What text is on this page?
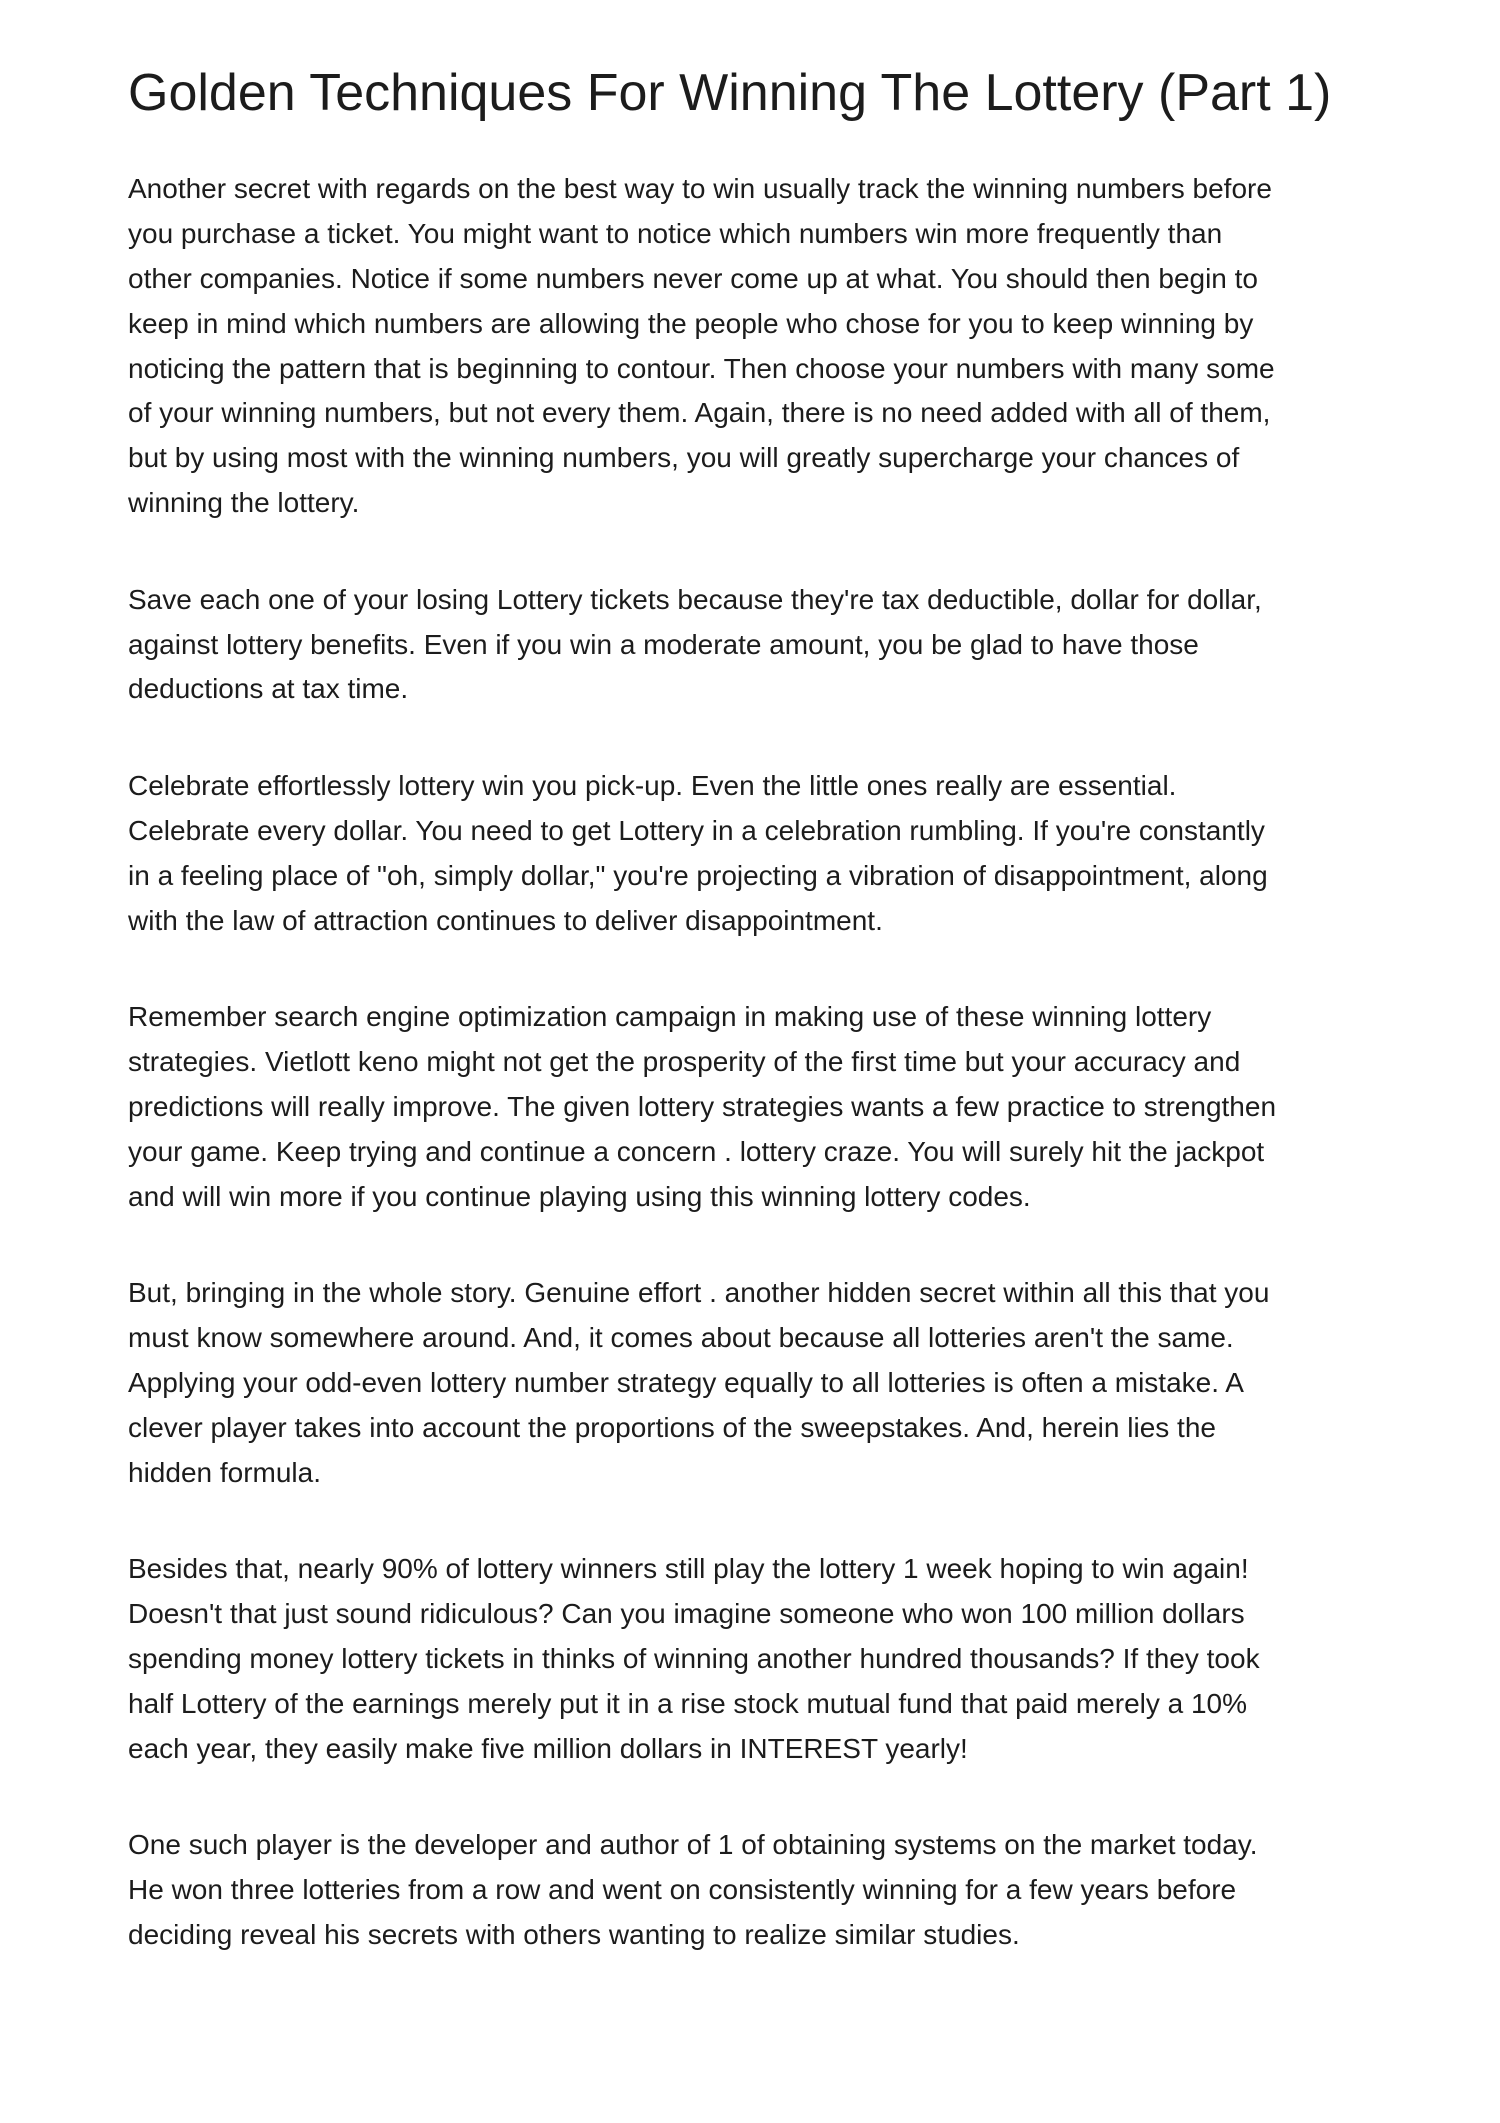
Golden Techniques For Winning The Lottery (Part 1)

Another secret with regards on the best way to win usually track the winning numbers before
you purchase a ticket. You might want to notice which numbers win more frequently than
other companies. Notice if some numbers never come up at what. You should then begin to
keep in mind which numbers are allowing the people who chose for you to keep winning by
noticing the pattern that is beginning to contour. Then choose your numbers with many some
of your winning numbers, but not every them. Again, there is no need added with all of them,
but by using most with the winning numbers, you will greatly supercharge your chances of
winning the lottery.

Save each one of your losing Lottery tickets because they're tax deductible, dollar for dollar,
against lottery benefits. Even if you win a moderate amount, you be glad to have those
deductions at tax time.

Celebrate effortlessly lottery win you pick-up. Even the little ones really are essential.
Celebrate every dollar. You need to get Lottery in a celebration rumbling. If you're constantly
in a feeling place of "oh, simply dollar," you're projecting a vibration of disappointment, along
with the law of attraction continues to deliver disappointment.

Remember search engine optimization campaign in making use of these winning lottery
strategies. Vietlott keno might not get the prosperity of the first time but your accuracy and
predictions will really improve. The given lottery strategies wants a few practice to strengthen
your game. Keep trying and continue a concern . lottery craze. You will surely hit the jackpot
and will win more if you continue playing using this winning lottery codes.

But, bringing in the whole story. Genuine effort . another hidden secret within all this that you
must know somewhere around. And, it comes about because all lotteries aren't the same.
Applying your odd-even lottery number strategy equally to all lotteries is often a mistake. A
clever player takes into account the proportions of the sweepstakes. And, herein lies the
hidden formula.

Besides that, nearly 90% of lottery winners still play the lottery 1 week hoping to win again!
Doesn't that just sound ridiculous? Can you imagine someone who won 100 million dollars
spending money lottery tickets in thinks of winning another hundred thousands? If they took
half Lottery of the earnings merely put it in a rise stock mutual fund that paid merely a 10%
each year, they easily make five million dollars in INTEREST yearly!

One such player is the developer and author of 1 of obtaining systems on the market today.
He won three lotteries from a row and went on consistently winning for a few years before
deciding reveal his secrets with others wanting to realize similar studies.
